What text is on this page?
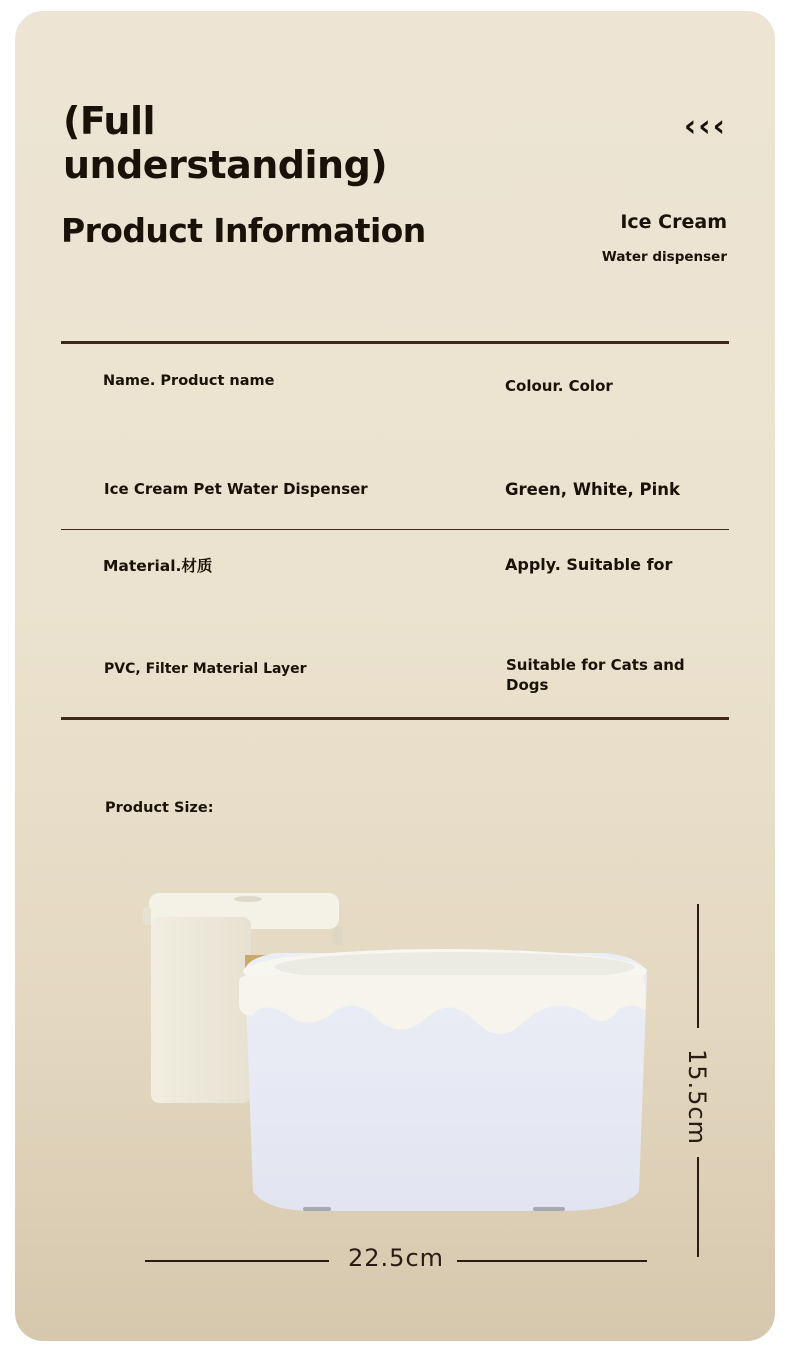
(Full understanding)
‹‹‹
Product Information	Ice Cream
Water dispenser
Name. Product name	Colour. Color
Ice Cream Pet Water Dispenser	Green, White, Pink
Material.材质	Apply. Suitable for
PVC, Filter Material Layer	Suitable for Cats and Dogs
Product Size:
22.5cm
15.5cm
